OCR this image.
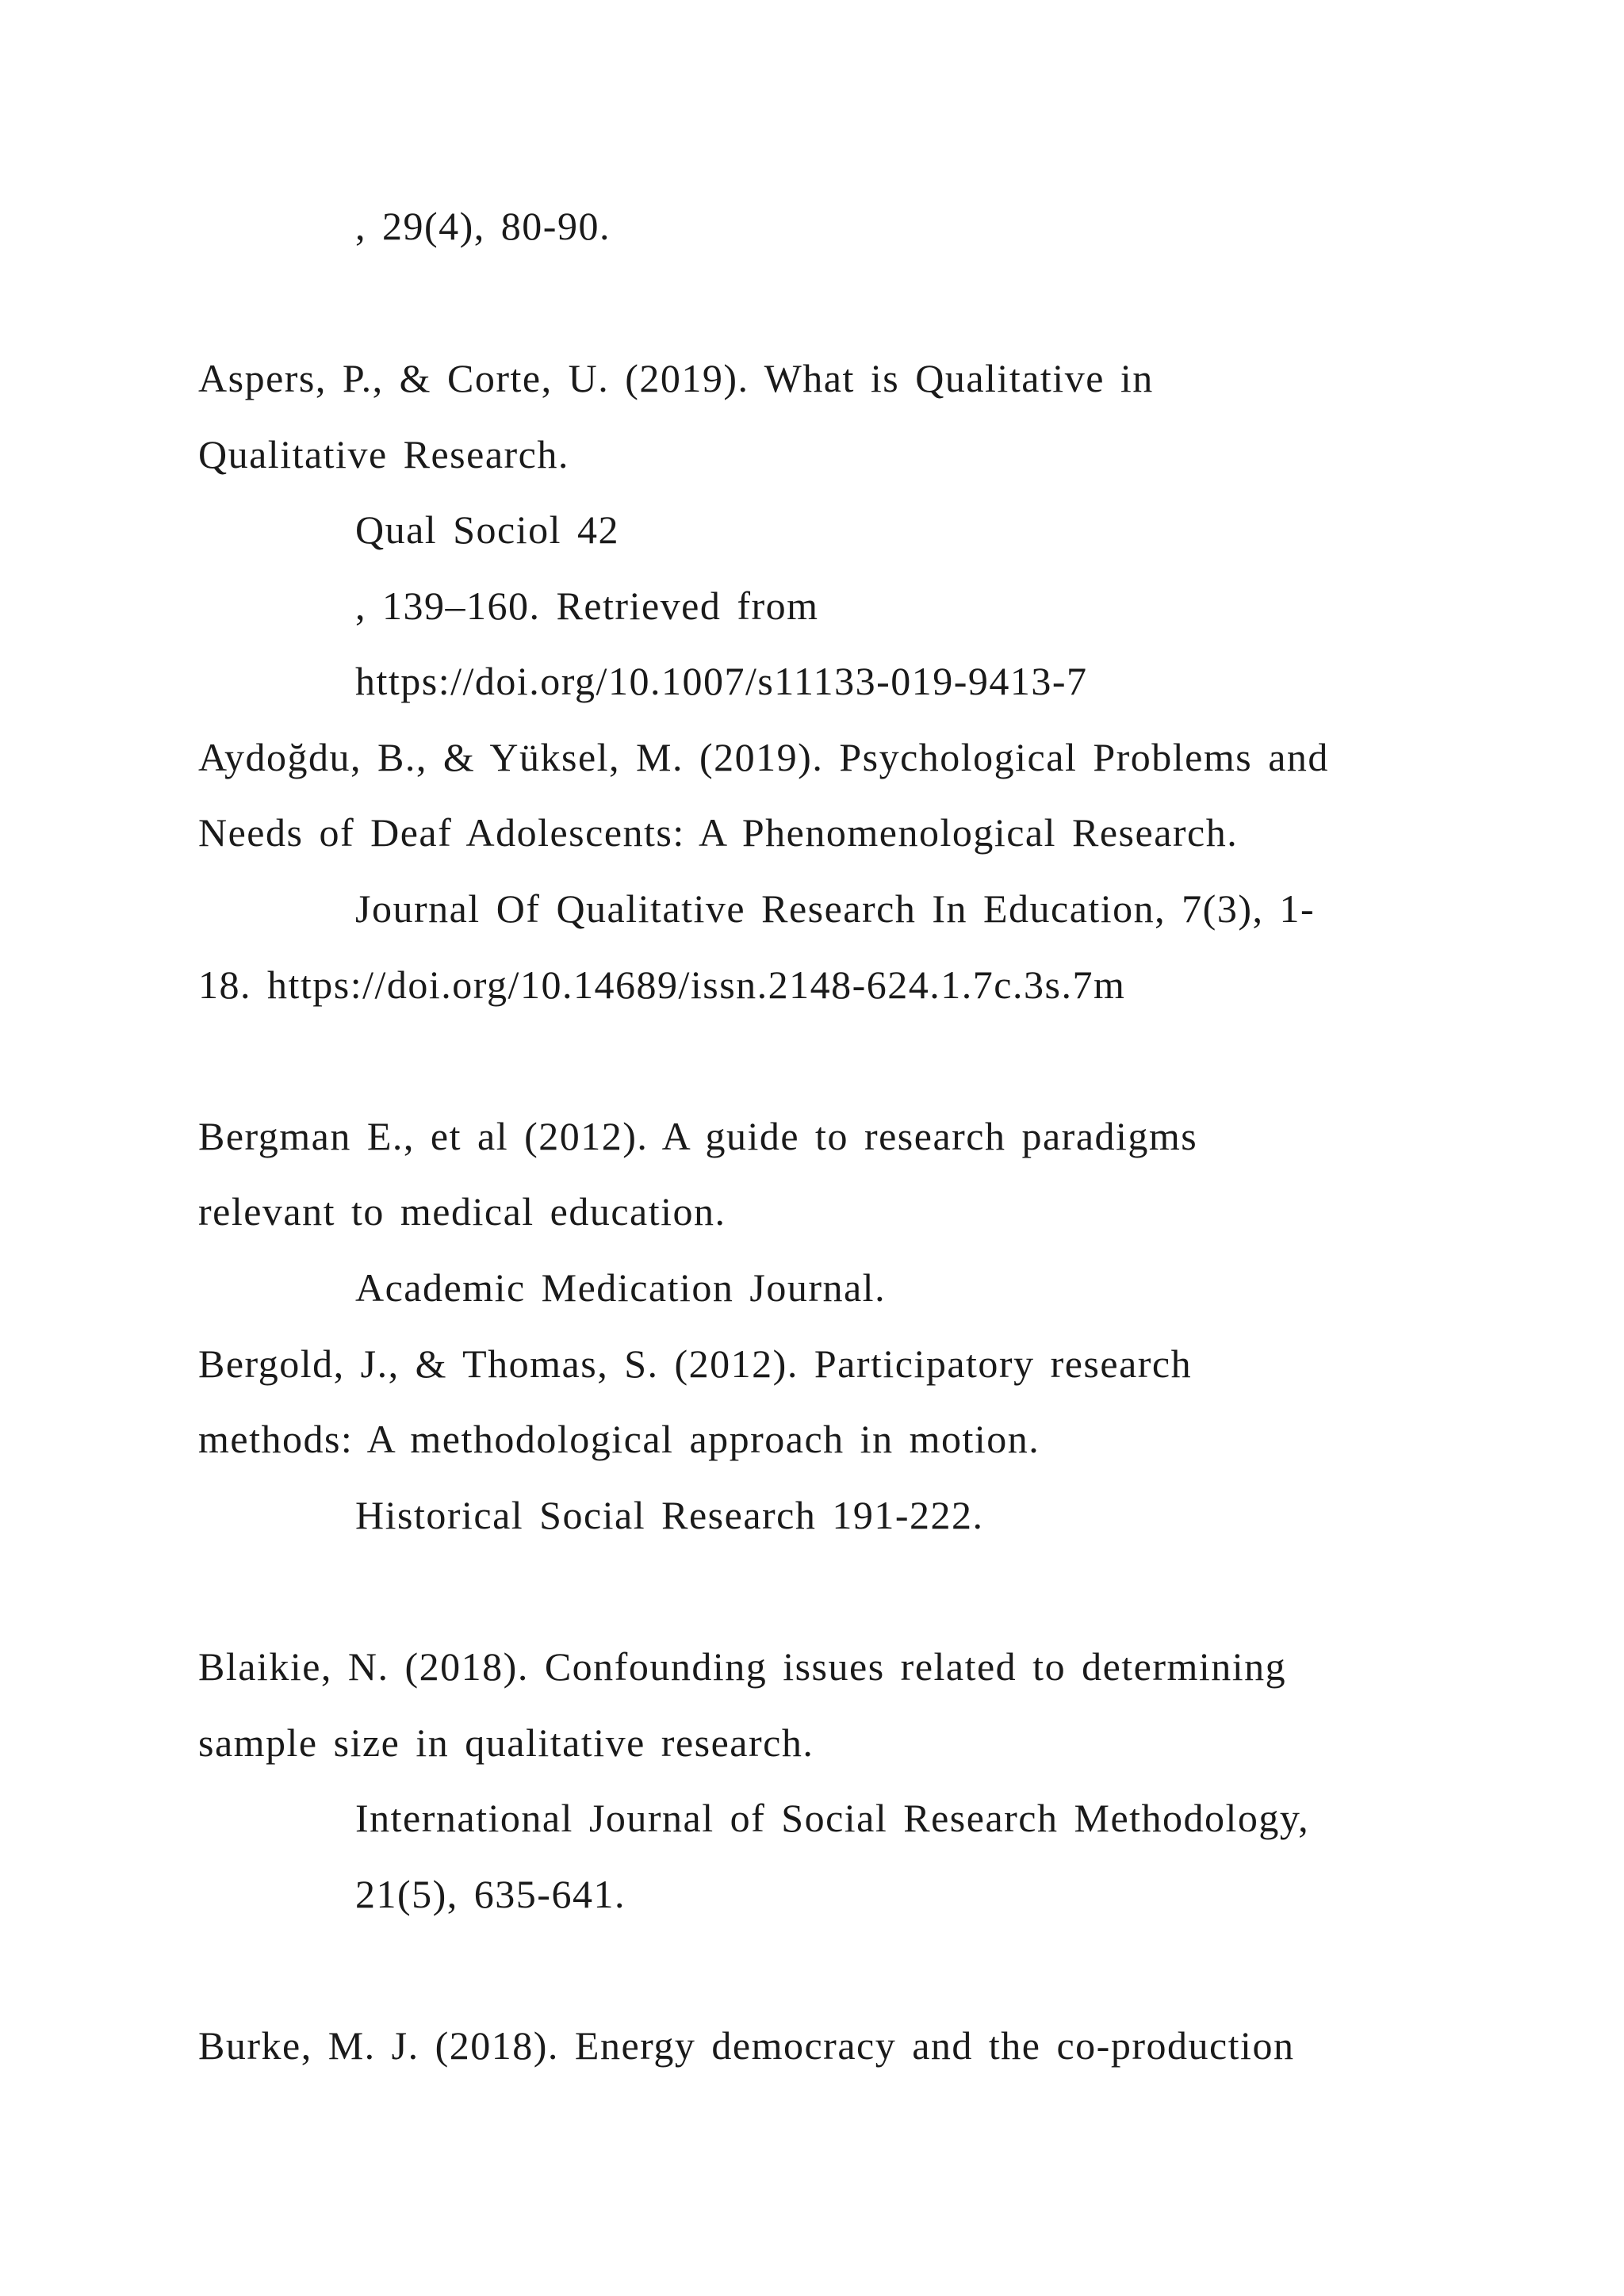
, 29(4), 80-90.
Aspers, P., & Corte, U. (2019). What is Qualitative in
Qualitative Research.
Qual Sociol 42
, 139–160. Retrieved from
https://doi.org/10.1007/s11133-019-9413-7
Aydoğdu, B., & Yüksel, M. (2019). Psychological Problems and
Needs of Deaf Adolescents: A Phenomenological Research.
Journal Of Qualitative Research In Education, 7(3), 1-
18. https://doi.org/10.14689/issn.2148-624.1.7c.3s.7m
Bergman E., et al (2012). A guide to research paradigms
relevant to medical education.
Academic Medication Journal.
Bergold, J., & Thomas, S. (2012). Participatory research
methods: A methodological approach in motion.
Historical Social Research 191-222.
Blaikie, N. (2018). Confounding issues related to determining
sample size in qualitative research.
International Journal of Social Research Methodology,
21(5), 635-641.
Burke, M. J. (2018). Energy democracy and the co-production
